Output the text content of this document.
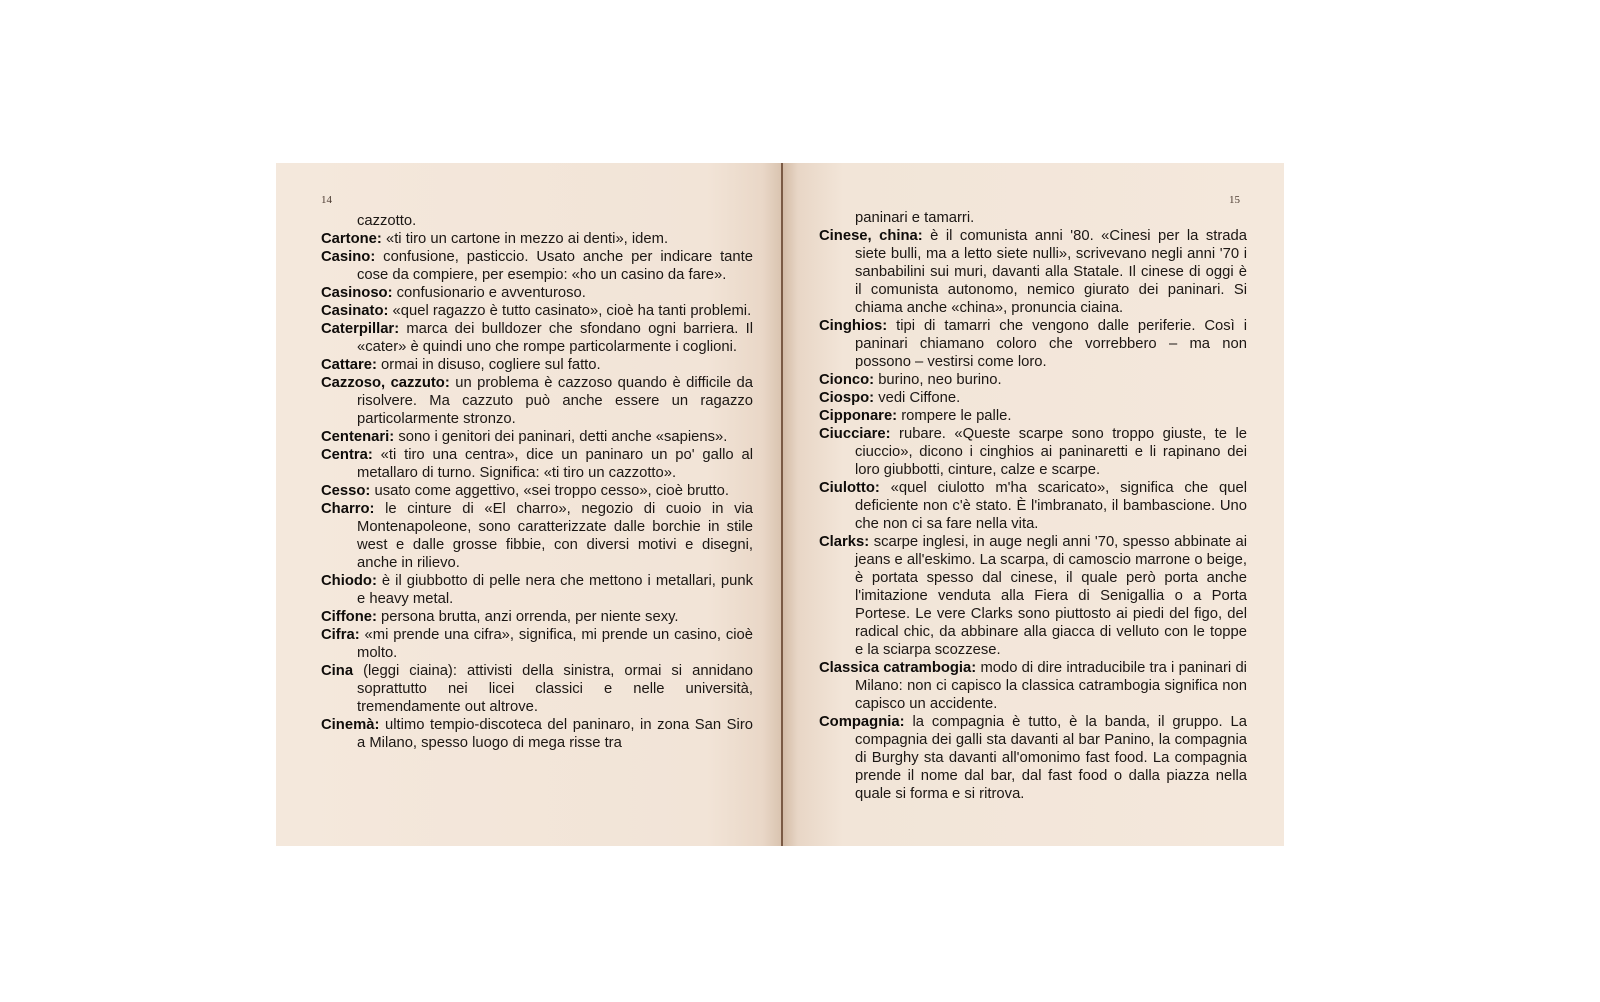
14

cazzotto.

Cartone: «ti tiro un cartone in mezzo ai denti», idem.

Casino: confusione, pasticcio. Usato anche per indicare tante cose da compiere, per esempio: «ho un casino da fare».

Casinoso: confusionario e avventuroso.

Casinato: «quel ragazzo è tutto casinato», cioè ha tanti problemi.

Caterpillar: marca dei bulldozer che sfondano ogni barriera. Il «cater» è quindi uno che rompe particolarmente i coglioni.

Cattare: ormai in disuso, cogliere sul fatto.

Cazzoso, cazzuto: un problema è cazzoso quando è difficile da risolvere. Ma cazzuto può anche essere un ragazzo particolarmente stronzo.

Centenari: sono i genitori dei paninari, detti anche «sapiens».

Centra: «ti tiro una centra», dice un paninaro un po' gallo al metallaro di turno. Significa: «ti tiro un cazzotto».

Cesso: usato come aggettivo, «sei troppo cesso», cioè brutto.

Charro: le cinture di «El charro», negozio di cuoio in via Montenapoleone, sono caratterizzate dalle borchie in stile west e dalle grosse fibbie, con diversi motivi e disegni, anche in rilievo.

Chiodo: è il giubbotto di pelle nera che mettono i metallari, punk e heavy metal.

Ciffone: persona brutta, anzi orrenda, per niente sexy.

Cifra: «mi prende una cifra», significa, mi prende un casino, cioè molto.

Cina (leggi ciaina): attivisti della sinistra, ormai si annidano soprattutto nei licei classici e nelle università, tremendamente out altrove.

Cinemà: ultimo tempio-discoteca del paninaro, in zona San Siro a Milano, spesso luogo di mega risse tra

15

paninari e tamarri.

Cinese, china: è il comunista anni '80. «Cinesi per la strada siete bulli, ma a letto siete nulli», scrivevano negli anni '70 i sanbabilini sui muri, davanti alla Statale. Il cinese di oggi è il comunista autonomo, nemico giurato dei paninari. Si chiama anche «china», pronuncia ciaina.

Cinghios: tipi di tamarri che vengono dalle periferie. Così i paninari chiamano coloro che vorrebbero – ma non possono – vestirsi come loro.

Cionco: burino, neo burino.

Ciospo: vedi Ciffone.

Cipponare: rompere le palle.

Ciucciare: rubare. «Queste scarpe sono troppo giuste, te le ciuccio», dicono i cinghios ai paninaretti e li rapinano dei loro giubbotti, cinture, calze e scarpe.

Ciulotto: «quel ciulotto m'ha scaricato», significa che quel deficiente non c'è stato. È l'imbranato, il bambascione. Uno che non ci sa fare nella vita.

Clarks: scarpe inglesi, in auge negli anni '70, spesso abbinate ai jeans e all'eskimo. La scarpa, di camoscio marrone o beige, è portata spesso dal cinese, il quale però porta anche l'imitazione venduta alla Fiera di Senigallia o a Porta Portese. Le vere Clarks sono piuttosto ai piedi del figo, del radical chic, da abbinare alla giacca di velluto con le toppe e la sciarpa scozzese.

Classica catrambogia: modo di dire intraducibile tra i paninari di Milano: non ci capisco la classica catrambogia significa non capisco un accidente.

Compagnia: la compagnia è tutto, è la banda, il gruppo. La compagnia dei galli sta davanti al bar Panino, la compagnia di Burghy sta davanti all'omonimo fast food. La compagnia prende il nome dal bar, dal fast food o dalla piazza nella quale si forma e si ritrova.
